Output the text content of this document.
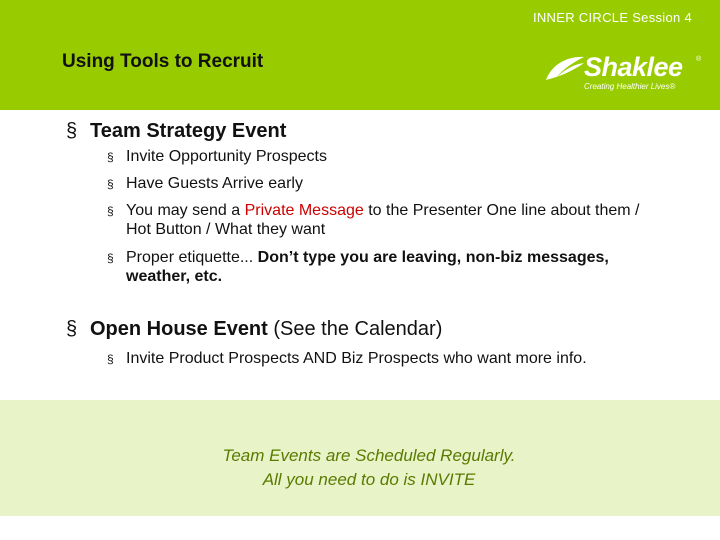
INNER CIRCLE Session 4
Using Tools to Recruit	Shaklee ®
Creating Healthier Lives®
§ Team Strategy Event
§ Invite Opportunity Prospects
§ Have Guests Arrive early
§ You may send a Private Message to the Presenter One line about them / Hot Button / What they want
§ Proper etiquette... Don’t type you are leaving, non-biz messages, weather, etc.
§ Open House Event (See the Calendar)
§ Invite Product Prospects AND Biz Prospects who want more info.
Team Events are Scheduled Regularly.
All you need to do is INVITE
